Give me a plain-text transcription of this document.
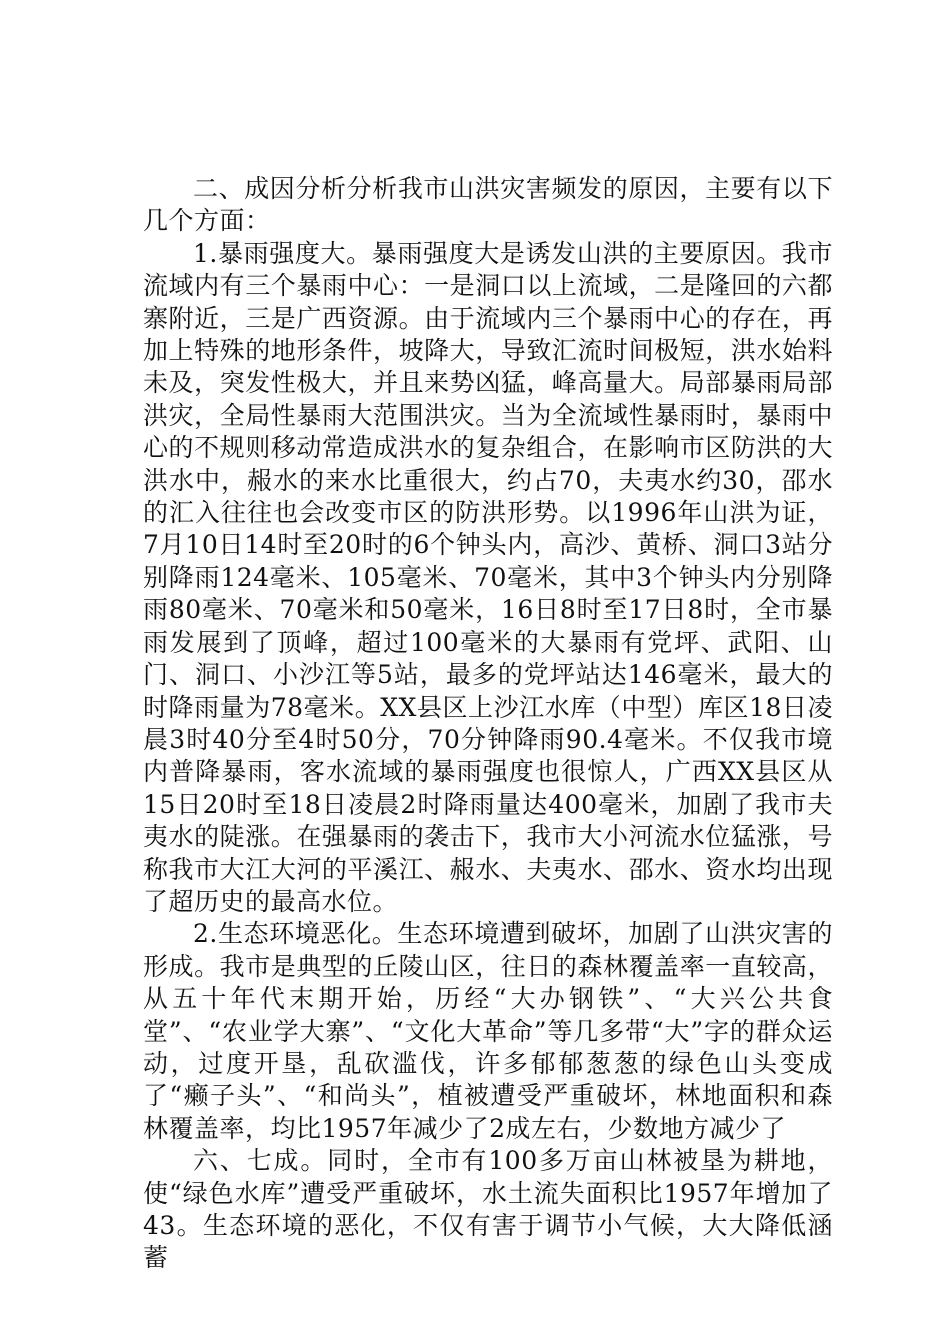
二、成因分析分析我市山洪灾害频发的原因，主要有以下几个方面：

1.暴雨强度大。暴雨强度大是诱发山洪的主要原因。我市流域内有三个暴雨中心：一是洞口以上流域，二是隆回的六都寨附近，三是广西资源。由于流域内三个暴雨中心的存在，再加上特殊的地形条件，坡降大，导致汇流时间极短，洪水始料未及，突发性极大，并且来势凶猛，峰高量大。局部暴雨局部洪灾，全局性暴雨大范围洪灾。当为全流域性暴雨时，暴雨中心的不规则移动常造成洪水的复杂组合，在影响市区防洪的大洪水中，赧水的来水比重很大，约占70，夫夷水约30，邵水的汇入往往也会改变市区的防洪形势。以1996年山洪为证，7月10日14时至20时的6个钟头内，高沙、黄桥、洞口3站分别降雨124毫米、105毫米、70毫米，其中3个钟头内分别降雨80毫米、70毫米和50毫米，16日8时至17日8时，全市暴雨发展到了顶峰，超过100毫米的大暴雨有党坪、武阳、山门、洞口、小沙江等5站，最多的党坪站达146毫米，最大的时降雨量为78毫米。XX县区上沙江水库（中型）库区18日凌晨3时40分至4时50分，70分钟降雨90.4毫米。不仅我市境内普降暴雨，客水流域的暴雨强度也很惊人，广西XX县区从15日20时至18日凌晨2时降雨量达400毫米，加剧了我市夫夷水的陡涨。在强暴雨的袭击下，我市大小河流水位猛涨，号称我市大江大河的平溪江、赧水、夫夷水、邵水、资水均出现了超历史的最高水位。

2.生态环境恶化。生态环境遭到破坏，加剧了山洪灾害的形成。我市是典型的丘陵山区，往日的森林覆盖率一直较高，从五十年代末期开始，历经“大办钢铁”、“大兴公共食堂”、“农业学大寨”、“文化大革命”等几多带“大”字的群众运动，过度开垦，乱砍滥伐，许多郁郁葱葱的绿色山头变成了“癞子头”、“和尚头”，植被遭受严重破坏，林地面积和森林覆盖率，均比1957年减少了2成左右，少数地方减少了

六、七成。同时，全市有100多万亩山林被垦为耕地，使“绿色水库”遭受严重破坏，水土流失面积比1957年增加了43。生态环境的恶化，不仅有害于调节小气候，大大降低涵蓄
